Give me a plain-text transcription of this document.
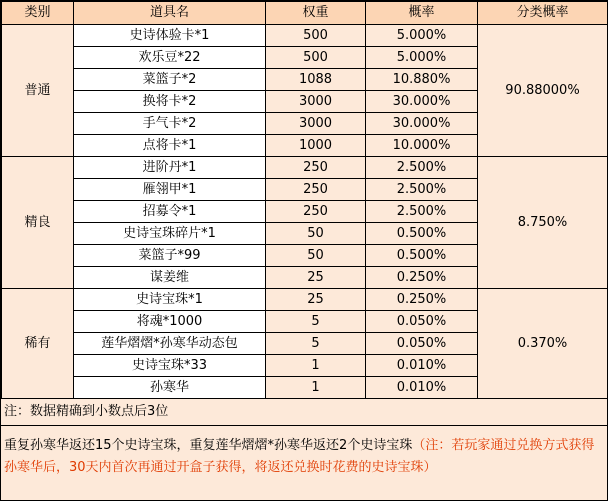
类别	道具名	权重	概率	分类概率
普通	史诗体验卡*1	500	5.000%	90.88000%
	欢乐豆*22	500	5.000%	
	菜篮子*2	1088	10.880%	
	换将卡*2	3000	30.000%	
	手气卡*2	3000	30.000%	
	点将卡*1	1000	10.000%	
精良	进阶丹*1	250	2.500%	8.750%
	雁翎甲*1	250	2.500%	
	招募令*1	250	2.500%	
	史诗宝珠碎片*1	50	0.500%	
	菜篮子*99	50	0.500%	
	谋姜维	25	0.250%	
稀有	史诗宝珠*1	25	0.250%	0.370%
	将魂*1000	5	0.050%	
	莲华熠熠*孙寒华动态包	5	0.050%	
	史诗宝珠*33	1	0.010%	
	孙寒华	1	0.010%	
注：数据精确到小数点后3位
重复孙寒华返还15个史诗宝珠，重复莲华熠熠*孙寒华返还2个史诗宝珠（注：若玩家通过兑换方式获得孙寒华后，30天内首次再通过开盒子获得，将返还兑换时花费的史诗宝珠）
